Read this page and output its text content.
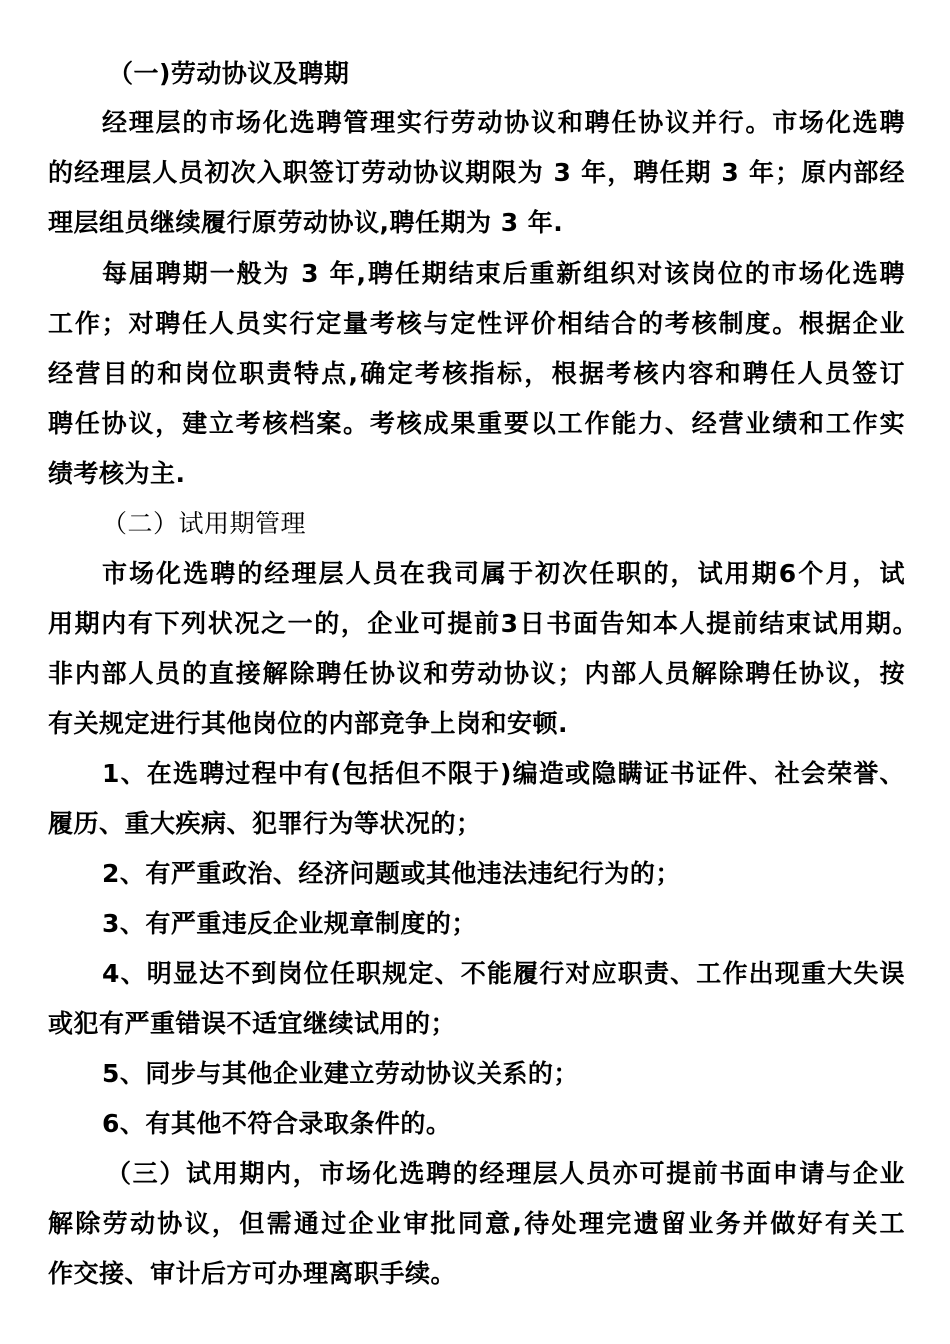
（一)劳动协议及聘期
经理层的市场化选聘管理实行劳动协议和聘任协议并行。市场化选聘
的经理层人员初次入职签订劳动协议期限为 3 年，聘任期 3 年；原内部经
理层组员继续履行原劳动协议,聘任期为 3 年.
每届聘期一般为 3 年,聘任期结束后重新组织对该岗位的市场化选聘
工作；对聘任人员实行定量考核与定性评价相结合的考核制度。根据企业
经营目的和岗位职责特点,确定考核指标，根据考核内容和聘任人员签订
聘任协议，建立考核档案。考核成果重要以工作能力、经营业绩和工作实
绩考核为主.
（二）试用期管理
市场化选聘的经理层人员在我司属于初次任职的，试用期6个月，试
用期内有下列状况之一的，企业可提前3日书面告知本人提前结束试用期。
非内部人员的直接解除聘任协议和劳动协议；内部人员解除聘任协议，按
有关规定进行其他岗位的内部竞争上岗和安顿.
1、在选聘过程中有(包括但不限于)编造或隐瞒证书证件、社会荣誉、
履历、重大疾病、犯罪行为等状况的；
2、有严重政治、经济问题或其他违法违纪行为的；
3、有严重违反企业规章制度的；
4、明显达不到岗位任职规定、不能履行对应职责、工作出现重大失误
或犯有严重错误不适宜继续试用的；
5、同步与其他企业建立劳动协议关系的；
6、有其他不符合录取条件的。
（三）试用期内，市场化选聘的经理层人员亦可提前书面申请与企业
解除劳动协议，但需通过企业审批同意,待处理完遗留业务并做好有关工
作交接、审计后方可办理离职手续。
